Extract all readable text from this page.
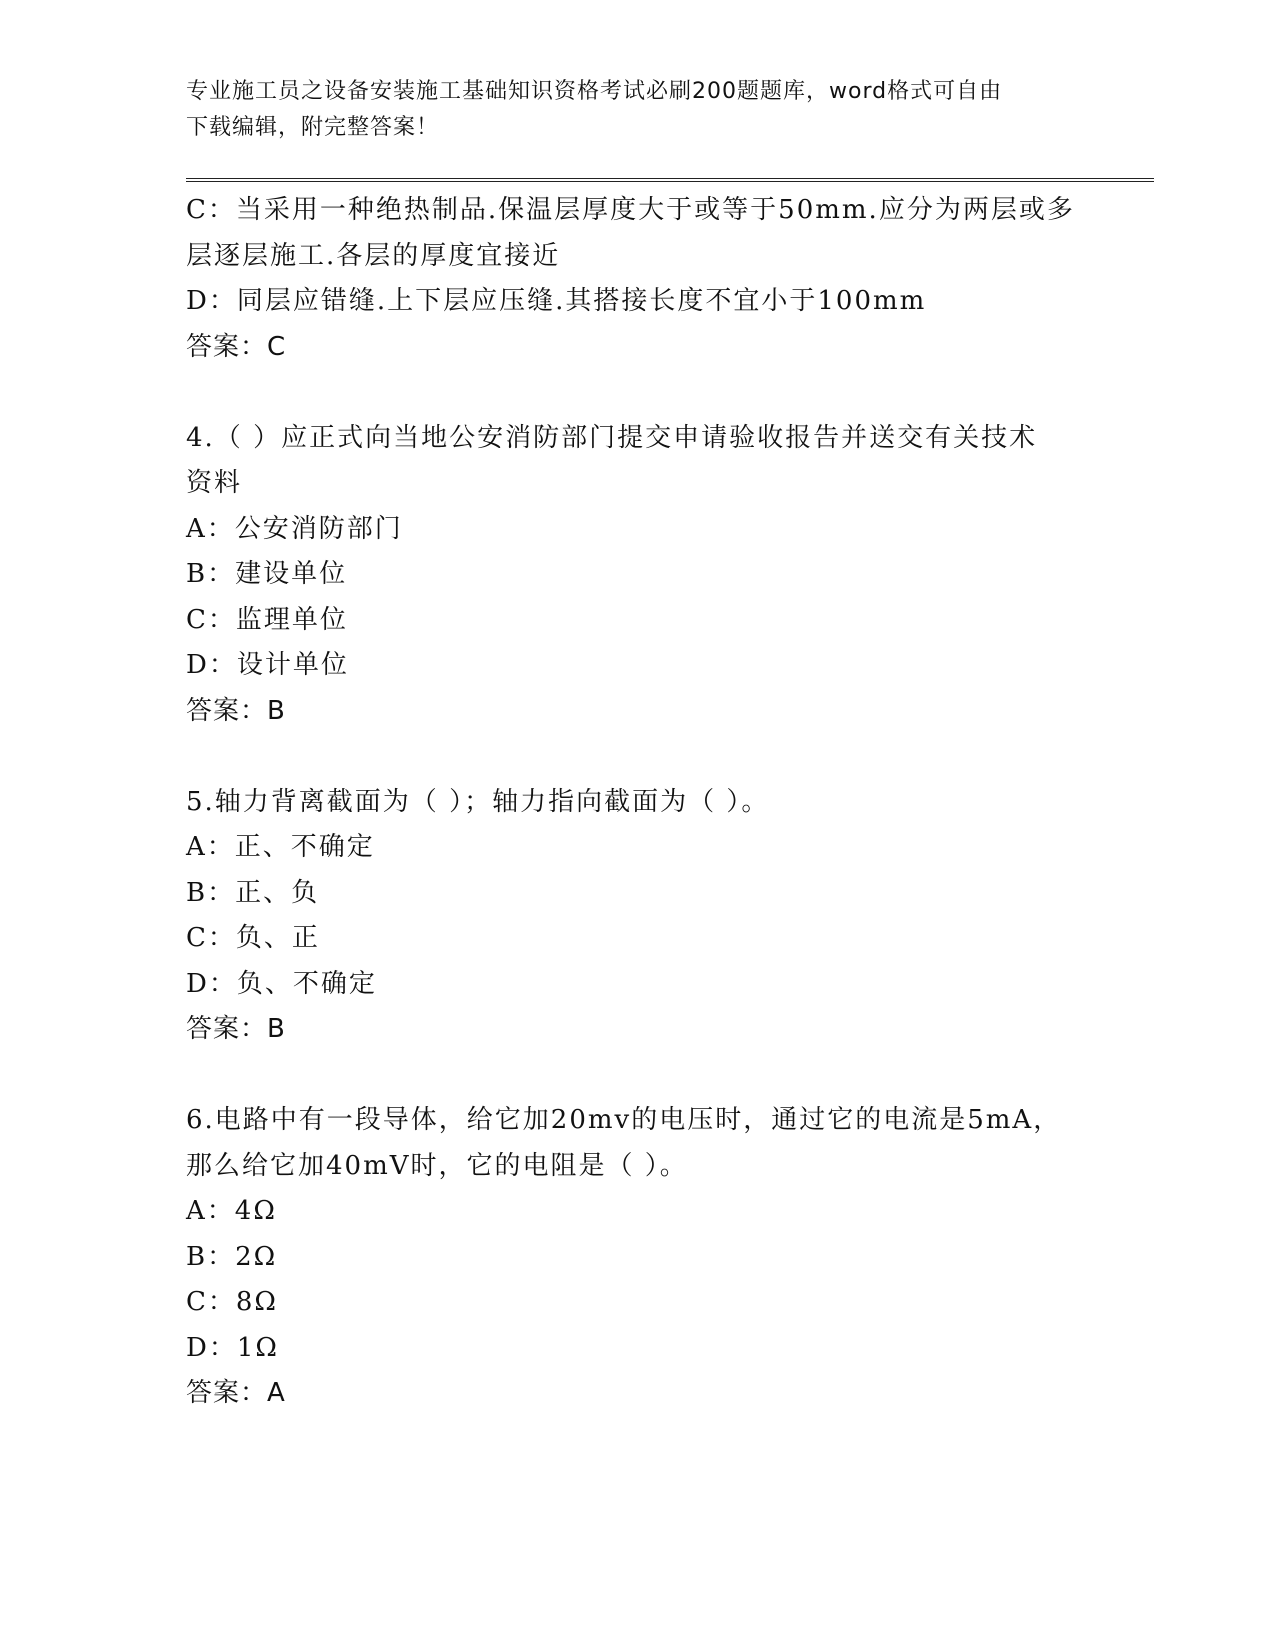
专业施工员之设备安装施工基础知识资格考试必刷200题题库，word格式可自由
下载编辑，附完整答案！
C：当采用一种绝热制品.保温层厚度大于或等于50mm.应分为两层或多
层逐层施工.各层的厚度宜接近
D：同层应错缝.上下层应压缝.其搭接长度不宜小于100mm
答案：C
4.（ ）应正式向当地公安消防部门提交申请验收报告并送交有关技术
资料
A：公安消防部门
B：建设单位
C：监理单位
D：设计单位
答案：B
5.轴力背离截面为（ ）；轴力指向截面为（ ）。
A：正、不确定
B：正、负
C：负、正
D：负、不确定
答案：B
6.电路中有一段导体，给它加20mv的电压时，通过它的电流是5mA，
那么给它加40mV时，它的电阻是（ ）。
A：4Ω
B：2Ω
C：8Ω
D：1Ω
答案：A
